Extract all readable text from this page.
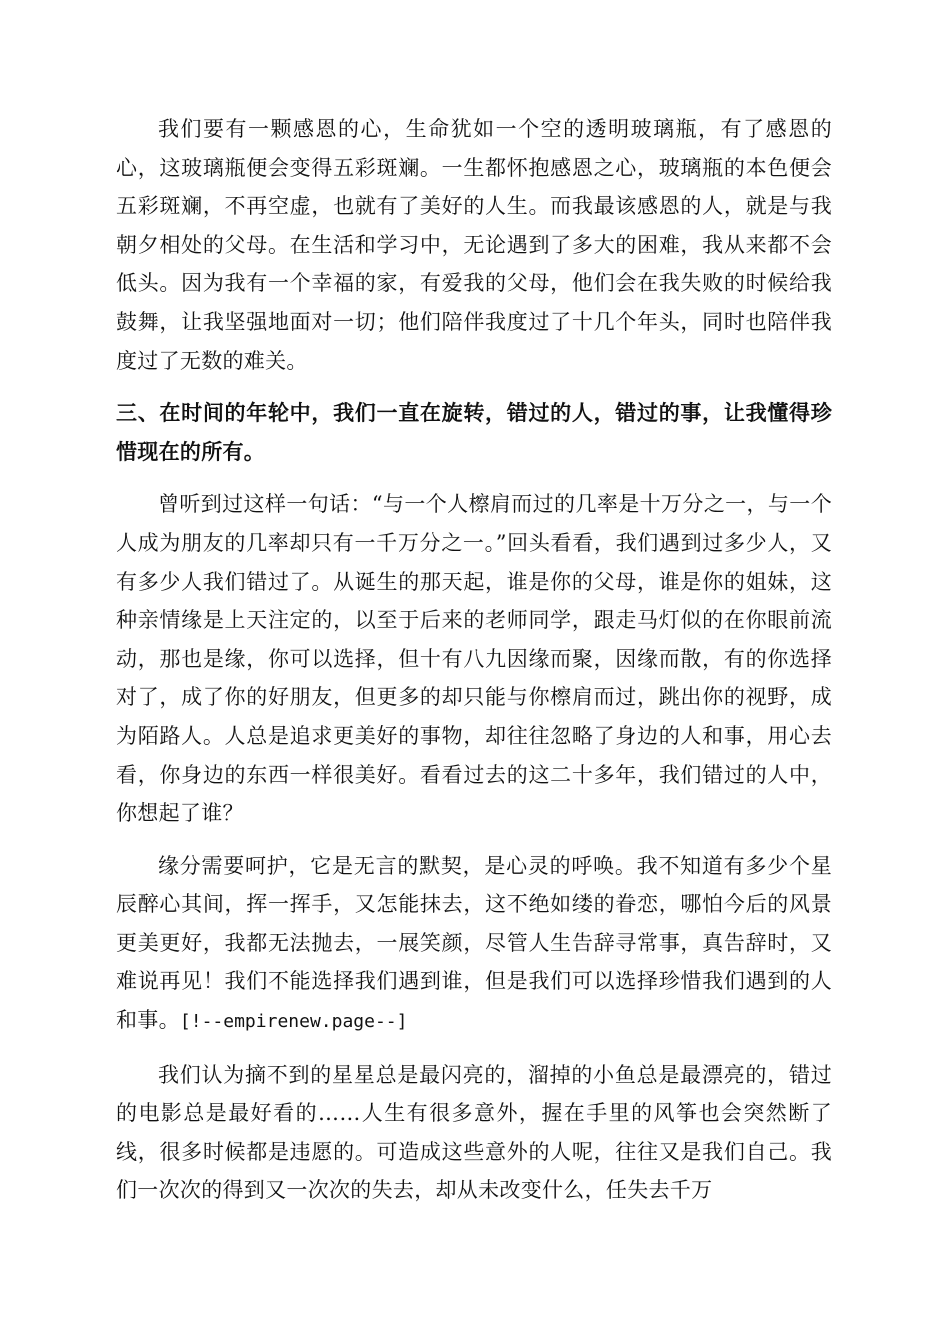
我们要有一颗感恩的心，生命犹如一个空的透明玻璃瓶，有了感恩的心，这玻璃瓶便会变得五彩斑斓。一生都怀抱感恩之心，玻璃瓶的本色便会五彩斑斓，不再空虚，也就有了美好的人生。而我最该感恩的人，就是与我朝夕相处的父母。在生活和学习中，无论遇到了多大的困难，我从来都不会低头。因为我有一个幸福的家，有爱我的父母，他们会在我失败的时候给我鼓舞，让我坚强地面对一切；他们陪伴我度过了十几个年头，同时也陪伴我度过了无数的难关。

三、在时间的年轮中，我们一直在旋转，错过的人，错过的事，让我懂得珍惜现在的所有。

曾听到过这样一句话：“与一个人檫肩而过的几率是十万分之一，与一个人成为朋友的几率却只有一千万分之一。”回头看看，我们遇到过多少人，又有多少人我们错过了。从诞生的那天起，谁是你的父母，谁是你的姐妹，这种亲情缘是上天注定的，以至于后来的老师同学，跟走马灯似的在你眼前流动，那也是缘，你可以选择，但十有八九因缘而聚，因缘而散，有的你选择对了，成了你的好朋友，但更多的却只能与你檫肩而过，跳出你的视野，成为陌路人。人总是追求更美好的事物，却往往忽略了身边的人和事，用心去看，你身边的东西一样很美好。看看过去的这二十多年，我们错过的人中，你想起了谁？

缘分需要呵护，它是无言的默契，是心灵的呼唤。我不知道有多少个星辰醉心其间，挥一挥手，又怎能抹去，这不绝如缕的眷恋，哪怕今后的风景更美更好，我都无法抛去，一展笑颜，尽管人生告辞寻常事，真告辞时，又难说再见！我们不能选择我们遇到谁，但是我们可以选择珍惜我们遇到的人和事。[!--empirenew.page--]

我们认为摘不到的星星总是最闪亮的，溜掉的小鱼总是最漂亮的，错过的电影总是最好看的……人生有很多意外，握在手里的风筝也会突然断了线，很多时候都是违愿的。可造成这些意外的人呢，往往又是我们自己。我们一次次的得到又一次次的失去，却从未改变什么，任失去千万
